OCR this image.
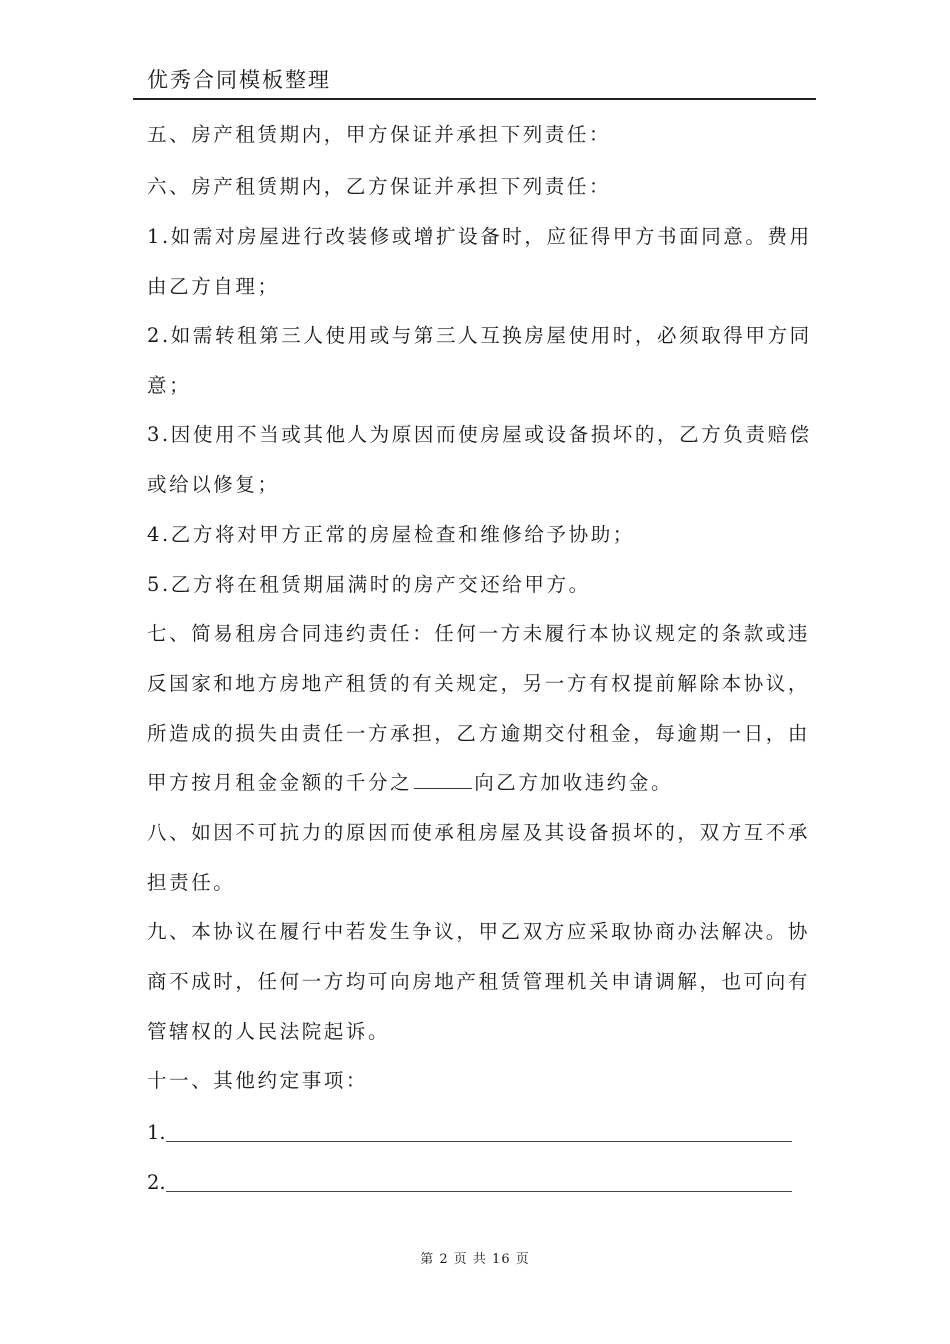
优秀合同模板整理
五、房产租赁期内，甲方保证并承担下列责任：
六、房产租赁期内，乙方保证并承担下列责任：
1.如需对房屋进行改装修或增扩设备时，应征得甲方书面同意。费用
由乙方自理；
2.如需转租第三人使用或与第三人互换房屋使用时，必须取得甲方同
意；
3.因使用不当或其他人为原因而使房屋或设备损坏的，乙方负责赔偿
或给以修复；
4.乙方将对甲方正常的房屋检查和维修给予协助；
5.乙方将在租赁期届满时的房产交还给甲方。
七、简易租房合同违约责任：任何一方未履行本协议规定的条款或违
反国家和地方房地产租赁的有关规定，另一方有权提前解除本协议，
所造成的损失由责任一方承担，乙方逾期交付租金，每逾期一日，由
甲方按月租金金额的千分之	向乙方加收违约金。
八、如因不可抗力的原因而使承租房屋及其设备损坏的，双方互不承
担责任。
九、本协议在履行中若发生争议，甲乙双方应采取协商办法解决。协
商不成时，任何一方均可向房地产租赁管理机关申请调解，也可向有
管辖权的人民法院起诉。
十一、其他约定事项：
1.
2.
第 2 页 共 16 页
